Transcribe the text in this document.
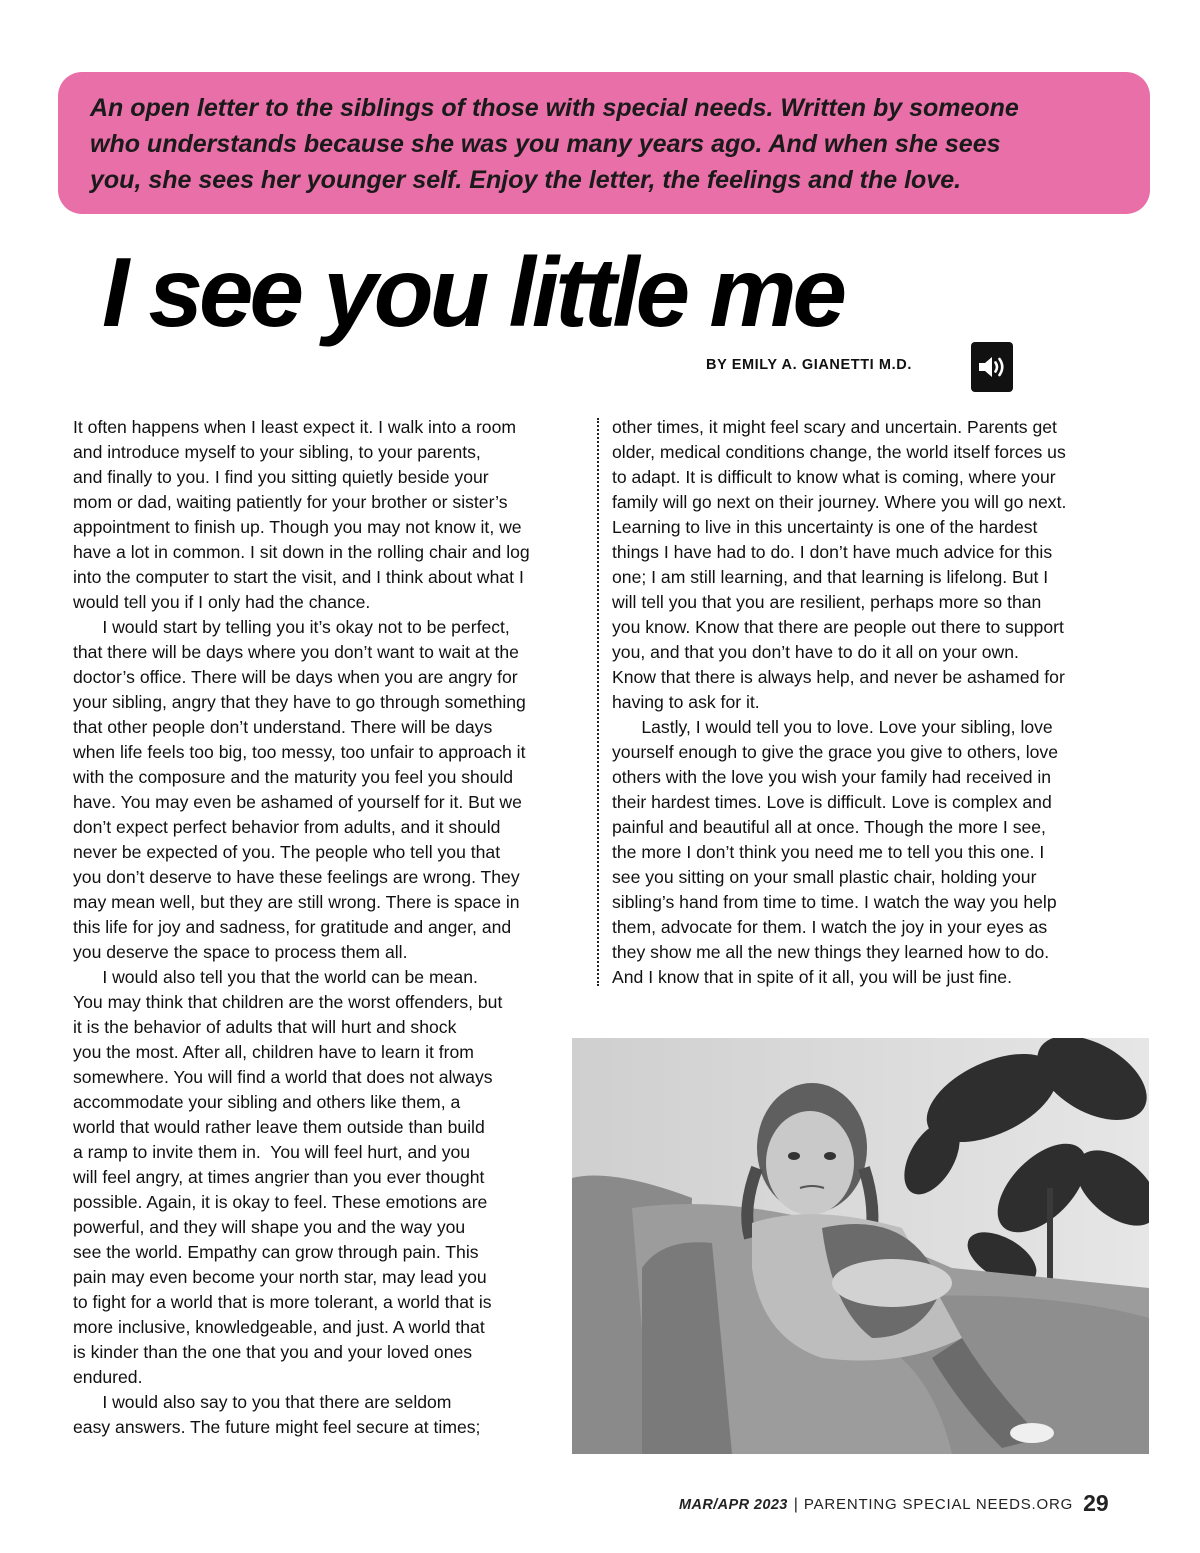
An open letter to the siblings of those with special needs. Written by someone
who understands because she was you many years ago. And when she sees
you, she sees her younger self. Enjoy the letter, the feelings and the love.
I see you little me
BY EMILY A. GIANETTI M.D.
It often happens when I least expect it. I walk into a room
and introduce myself to your sibling, to your parents,
and finally to you. I find you sitting quietly beside your
mom or dad, waiting patiently for your brother or sister’s
appointment to finish up. Though you may not know it, we
have a lot in common. I sit down in the rolling chair and log
into the computer to start the visit, and I think about what I
would tell you if I only had the chance.
I would start by telling you it’s okay not to be perfect,
that there will be days where you don’t want to wait at the
doctor’s office. There will be days when you are angry for
your sibling, angry that they have to go through something
that other people don’t understand. There will be days
when life feels too big, too messy, too unfair to approach it
with the composure and the maturity you feel you should
have. You may even be ashamed of yourself for it. But we
don’t expect perfect behavior from adults, and it should
never be expected of you. The people who tell you that
you don’t deserve to have these feelings are wrong. They
may mean well, but they are still wrong. There is space in
this life for joy and sadness, for gratitude and anger, and
you deserve the space to process them all.
I would also tell you that the world can be mean.
You may think that children are the worst offenders, but
it is the behavior of adults that will hurt and shock
you the most. After all, children have to learn it from
somewhere. You will find a world that does not always
accommodate your sibling and others like them, a
world that would rather leave them outside than build
a ramp to invite them in.  You will feel hurt, and you
will feel angry, at times angrier than you ever thought
possible. Again, it is okay to feel. These emotions are
powerful, and they will shape you and the way you
see the world. Empathy can grow through pain. This
pain may even become your north star, may lead you
to fight for a world that is more tolerant, a world that is
more inclusive, knowledgeable, and just. A world that
is kinder than the one that you and your loved ones
endured.
I would also say to you that there are seldom
easy answers. The future might feel secure at times;
other times, it might feel scary and uncertain. Parents get
older, medical conditions change, the world itself forces us
to adapt. It is difficult to know what is coming, where your
family will go next on their journey. Where you will go next.
Learning to live in this uncertainty is one of the hardest
things I have had to do. I don’t have much advice for this
one; I am still learning, and that learning is lifelong. But I
will tell you that you are resilient, perhaps more so than
you know. Know that there are people out there to support
you, and that you don’t have to do it all on your own.
Know that there is always help, and never be ashamed for
having to ask for it.
Lastly, I would tell you to love. Love your sibling, love
yourself enough to give the grace you give to others, love
others with the love you wish your family had received in
their hardest times. Love is difficult. Love is complex and
painful and beautiful all at once. Though the more I see,
the more I don’t think you need me to tell you this one. I
see you sitting on your small plastic chair, holding your
sibling’s hand from time to time. I watch the way you help
them, advocate for them. I watch the joy in your eyes as
they show me all the new things they learned how to do.
And I know that in spite of it all, you will be just fine.
MAR/APR 2023 | PARENTING SPECIAL NEEDS.ORG 29
